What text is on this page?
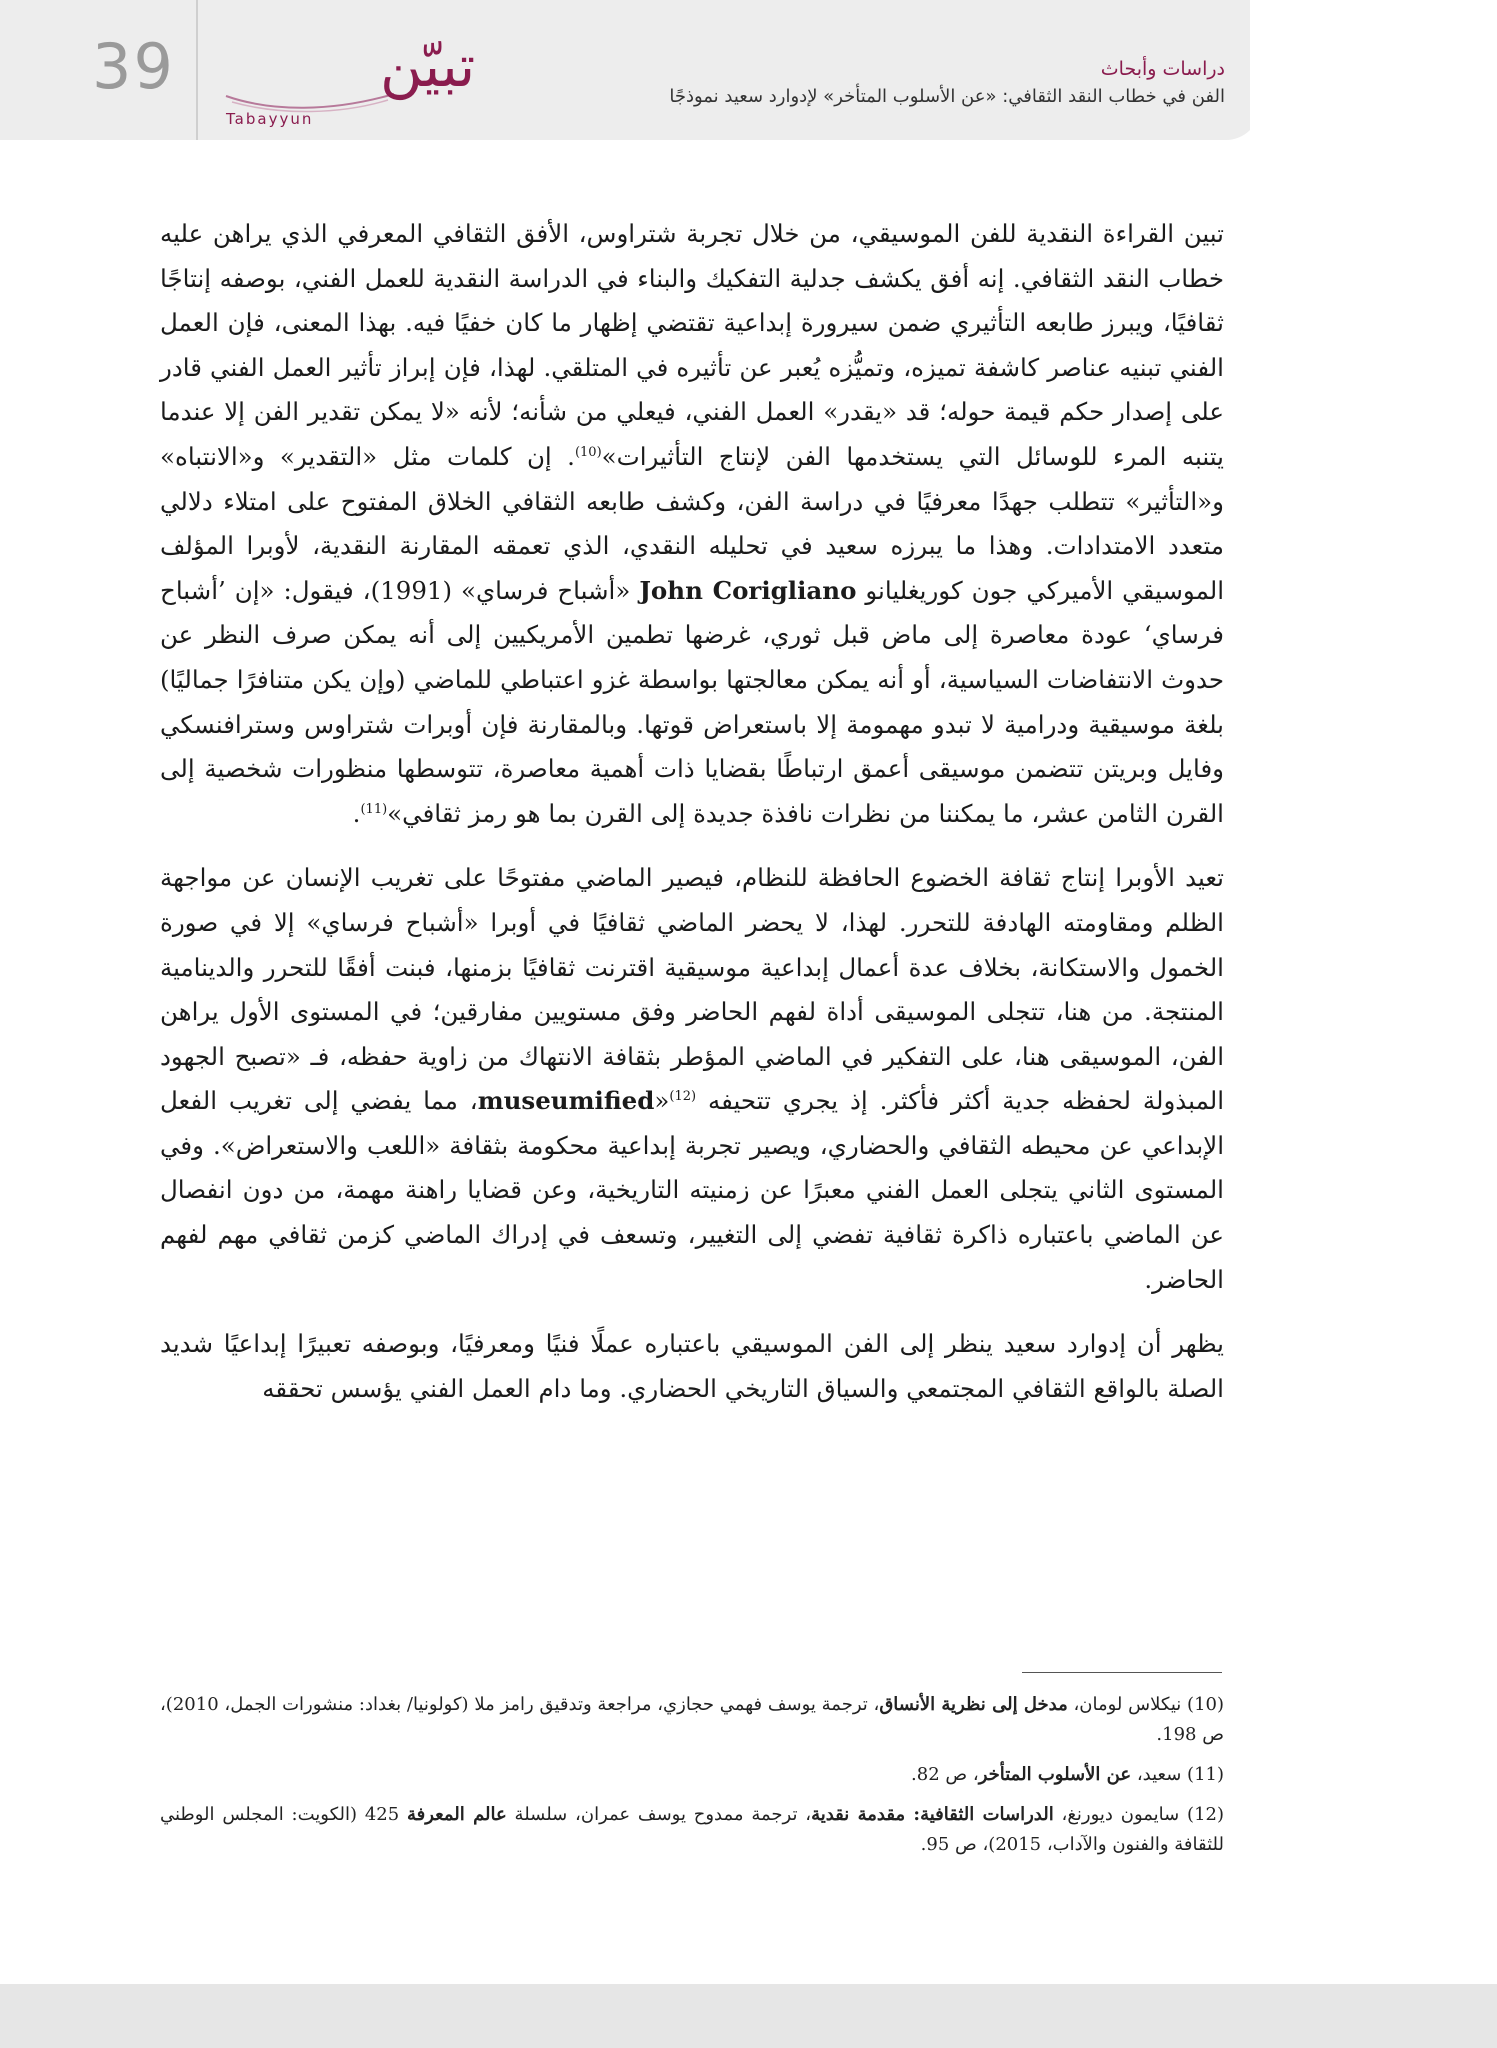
39	تبيّن
Tabayyun
دراسات وأبحاث
الفن في خطاب النقد الثقافي: «عن الأسلوب المتأخر» لإدوارد سعيد نموذجًا

تبين القراءة النقدية للفن الموسيقي، من خلال تجربة شتراوس، الأفق الثقافي المعرفي الذي يراهن عليه خطاب النقد الثقافي. إنه أفق يكشف جدلية التفكيك والبناء في الدراسة النقدية للعمل الفني، بوصفه إنتاجًا ثقافيًا، ويبرز طابعه التأثيري ضمن سيرورة إبداعية تقتضي إظهار ما كان خفيًا فيه. بهذا المعنى، فإن العمل الفني تبنيه عناصر كاشفة تميزه، وتميُّزه يُعبر عن تأثيره في المتلقي. لهذا، فإن إبراز تأثير العمل الفني قادر على إصدار حكم قيمة حوله؛ قد «يقدر» العمل الفني، فيعلي من شأنه؛ لأنه «لا يمكن تقدير الفن إلا عندما يتنبه المرء للوسائل التي يستخدمها الفن لإنتاج التأثيرات»$^{(10)}$. إن كلمات مثل «التقدير» و«الانتباه» و«التأثير» تتطلب جهدًا معرفيًا في دراسة الفن، وكشف طابعه الثقافي الخلاق المفتوح على امتلاء دلالي متعدد الامتدادات. وهذا ما يبرزه سعيد في تحليله النقدي، الذي تعمقه المقارنة النقدية، لأوبرا المؤلف الموسيقي الأميركي جون كوريغليانو John Corigliano «أشباح فرساي» (1991)، فيقول: «إن ’أشباح فرساي‘ عودة معاصرة إلى ماض قبل ثوري، غرضها تطمين الأمريكيين إلى أنه يمكن صرف النظر عن حدوث الانتفاضات السياسية، أو أنه يمكن معالجتها بواسطة غزو اعتباطي للماضي (وإن يكن متنافرًا جماليًا) بلغة موسيقية ودرامية لا تبدو مهمومة إلا باستعراض قوتها. وبالمقارنة فإن أوبرات شتراوس وسترافنسكي وفايل وبريتن تتضمن موسيقى أعمق ارتباطًا بقضايا ذات أهمية معاصرة، تتوسطها منظورات شخصية إلى القرن الثامن عشر، ما يمكننا من نظرات نافذة جديدة إلى القرن بما هو رمز ثقافي»$^{(11)}$.

تعيد الأوبرا إنتاج ثقافة الخضوع الحافظة للنظام، فيصير الماضي مفتوحًا على تغريب الإنسان عن مواجهة الظلم ومقاومته الهادفة للتحرر. لهذا، لا يحضر الماضي ثقافيًا في أوبرا «أشباح فرساي» إلا في صورة الخمول والاستكانة، بخلاف عدة أعمال إبداعية موسيقية اقترنت ثقافيًا بزمنها، فبنت أفقًا للتحرر والدينامية المنتجة. من هنا، تتجلى الموسيقى أداة لفهم الحاضر وفق مستويين مفارقين؛ في المستوى الأول يراهن الفن، الموسيقى هنا، على التفكير في الماضي المؤطر بثقافة الانتهاك من زاوية حفظه، فـ «تصبح الجهود المبذولة لحفظه جدية أكثر فأكثر. إذ يجري تتحيفه museumified»$^{(12)}$، مما يفضي إلى تغريب الفعل الإبداعي عن محيطه الثقافي والحضاري، ويصير تجربة إبداعية محكومة بثقافة «اللعب والاستعراض». وفي المستوى الثاني يتجلى العمل الفني معبرًا عن زمنيته التاريخية، وعن قضايا راهنة مهمة، من دون انفصال عن الماضي باعتباره ذاكرة ثقافية تفضي إلى التغيير، وتسعف في إدراك الماضي كزمن ثقافي مهم لفهم الحاضر.

يظهر أن إدوارد سعيد ينظر إلى الفن الموسيقي باعتباره عملًا فنيًا ومعرفيًا، وبوصفه تعبيرًا إبداعيًا شديد الصلة بالواقع الثقافي المجتمعي والسياق التاريخي الحضاري. وما دام العمل الفني يؤسس تحققه

(10) نيكلاس لومان، مدخل إلى نظرية الأنساق، ترجمة يوسف فهمي حجازي، مراجعة وتدقيق رامز ملا (كولونيا/ بغداد: منشورات الجمل، 2010)، ص 198.
(11) سعيد، عن الأسلوب المتأخر، ص 82.
(12) سايمون ديورنغ، الدراسات الثقافية: مقدمة نقدية، ترجمة ممدوح يوسف عمران، سلسلة عالم المعرفة 425 (الكويت: المجلس الوطني للثقافة والفنون والآداب، 2015)، ص 95.
